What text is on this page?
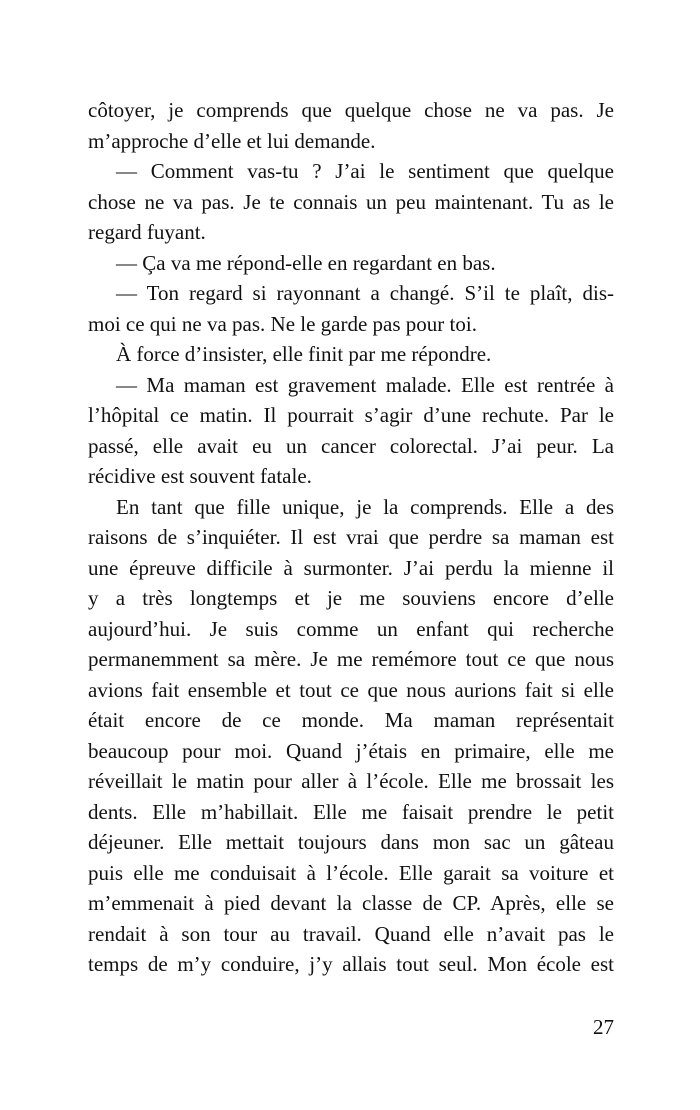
côtoyer, je comprends que quelque chose ne va pas. Je
m’approche d’elle et lui demande.
— Comment vas-tu ? J’ai le sentiment que quelque
chose ne va pas. Je te connais un peu maintenant. Tu as le
regard fuyant.
— Ça va me répond-elle en regardant en bas.
— Ton regard si rayonnant a changé. S’il te plaît, dis-
moi ce qui ne va pas. Ne le garde pas pour toi.
À force d’insister, elle finit par me répondre.
— Ma maman est gravement malade. Elle est rentrée à
l’hôpital ce matin. Il pourrait s’agir d’une rechute. Par le
passé, elle avait eu un cancer colorectal. J’ai peur. La
récidive est souvent fatale.
En tant que fille unique, je la comprends. Elle a des
raisons de s’inquiéter. Il est vrai que perdre sa maman est
une épreuve difficile à surmonter. J’ai perdu la mienne il
y a très longtemps et je me souviens encore d’elle
aujourd’hui. Je suis comme un enfant qui recherche
permanemment sa mère. Je me remémore tout ce que nous
avions fait ensemble et tout ce que nous aurions fait si elle
était encore de ce monde. Ma maman représentait
beaucoup pour moi. Quand j’étais en primaire, elle me
réveillait le matin pour aller à l’école. Elle me brossait les
dents. Elle m’habillait. Elle me faisait prendre le petit
déjeuner. Elle mettait toujours dans mon sac un gâteau
puis elle me conduisait à l’école. Elle garait sa voiture et
m’emmenait à pied devant la classe de CP. Après, elle se
rendait à son tour au travail. Quand elle n’avait pas le
temps de m’y conduire, j’y allais tout seul. Mon école est
27
